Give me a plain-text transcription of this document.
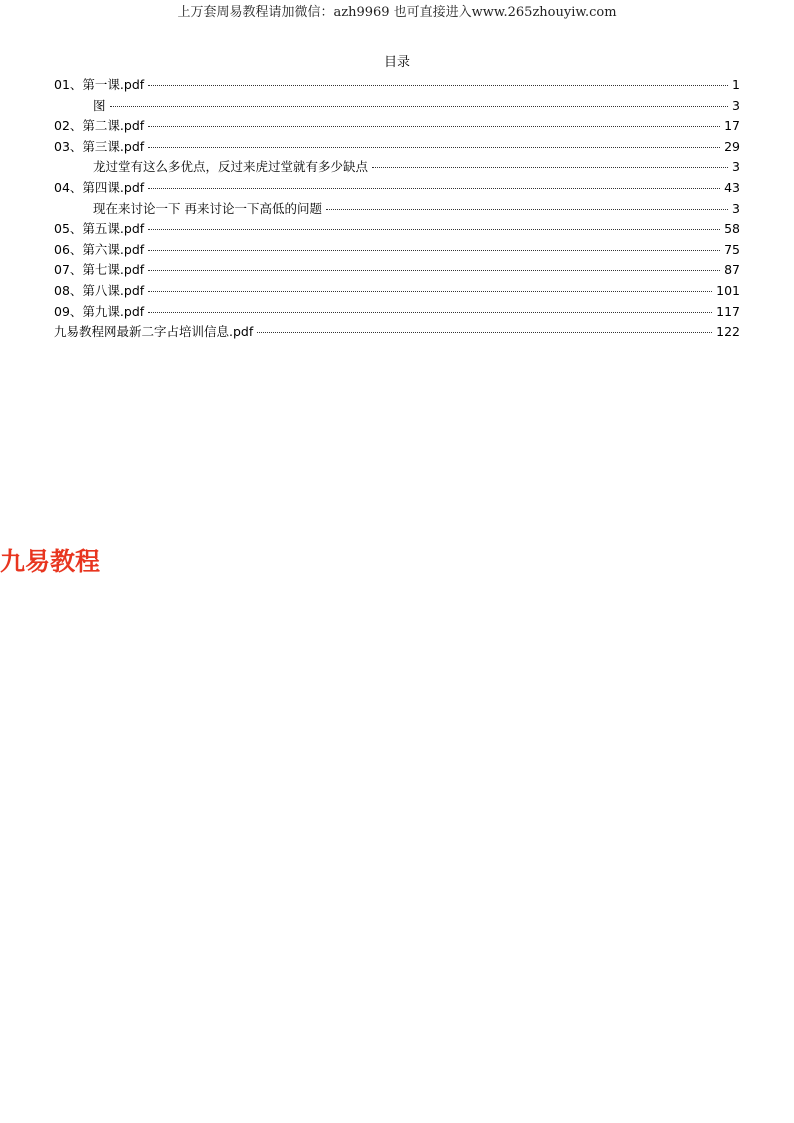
上万套周易教程请加微信：azh9969 也可直接进入www.265zhouyiw.com
目录
01、第一课.pdf	1
图	3
02、第二课.pdf	17
03、第三课.pdf	29
龙过堂有这么多优点，反过来虎过堂就有多少缺点	3
04、第四课.pdf	43
现在来讨论一下 再来讨论一下高低的问题	3
05、第五课.pdf	58
06、第六课.pdf	75
07、第七课.pdf	87
08、第八课.pdf	101
09、第九课.pdf	117
九易教程网最新二字占培训信息.pdf	122
九易教程
